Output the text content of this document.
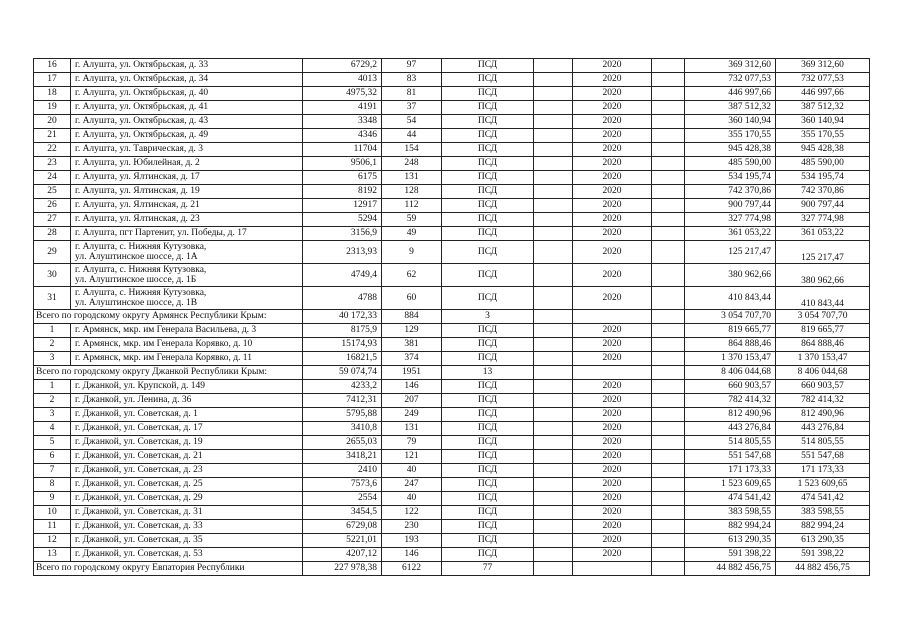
16	г. Алушта, ул. Октябрьская, д. 33	6729,2	97	ПСД		2020		369 312,60	369 312,60
17	г. Алушта, ул. Октябрьская, д. 34	4013	83	ПСД		2020		732 077,53	732 077,53
18	г. Алушта, ул. Октябрьская, д. 40	4975,32	81	ПСД		2020		446 997,66	446 997,66
19	г. Алушта, ул. Октябрьская, д. 41	4191	37	ПСД		2020		387 512,32	387 512,32
20	г. Алушта, ул. Октябрьская, д. 43	3348	54	ПСД		2020		360 140,94	360 140,94
21	г. Алушта, ул. Октябрьская, д. 49	4346	44	ПСД		2020		355 170,55	355 170,55
22	г. Алушта, ул. Таврическая, д. 3	11704	154	ПСД		2020		945 428,38	945 428,38
23	г. Алушта, ул. Юбилейная, д. 2	9506,1	248	ПСД		2020		485 590,00	485 590,00
24	г. Алушта, ул. Ялтинская, д. 17	6175	131	ПСД		2020		534 195,74	534 195,74
25	г. Алушта, ул. Ялтинская, д. 19	8192	128	ПСД		2020		742 370,86	742 370,86
26	г. Алушта, ул. Ялтинская, д. 21	12917	112	ПСД		2020		900 797,44	900 797,44
27	г. Алушта, ул. Ялтинская, д. 23	5294	59	ПСД		2020		327 774,98	327 774,98
28	г. Алушта, пгт Партенит, ул. Победы, д. 17	3156,9	49	ПСД		2020		361 053,22	361 053,22
29	г. Алушта, с. Нижняя Кутузовка,
ул. Алуштинское шоссе, д. 1А	2313,93	9	ПСД		2020		125 217,47	125 217,47
30	г. Алушта, с. Нижняя Кутузовка,
ул. Алуштинское шоссе, д. 1Б	4749,4	62	ПСД		2020		380 962,66	380 962,66
31	г. Алушта, с. Нижняя Кутузовка,
ул. Алуштинское шоссе, д. 1В	4788	60	ПСД		2020		410 843,44	410 843,44
Всего по городскому округу Армянск Республики Крым:		40 172,33	884	3				3 054 707,70	3 054 707,70
1	г. Армянск, мкр. им Генерала Васильева, д. 3	8175,9	129	ПСД		2020		819 665,77	819 665,77
2	г. Армянск, мкр. им Генерала Корявко, д. 10	15174,93	381	ПСД		2020		864 888,46	864 888,46
3	г. Армянск, мкр. им Генерала Корявко, д. 11	16821,5	374	ПСД		2020		1 370 153,47	1 370 153,47
Всего по городскому округу Джанкой Республики Крым:		59 074,74	1951	13				8 406 044,68	8 406 044,68
1	г. Джанкой, ул. Крупской, д. 149	4233,2	146	ПСД		2020		660 903,57	660 903,57
2	г. Джанкой, ул. Ленина, д. 36	7412,31	207	ПСД		2020		782 414,32	782 414,32
3	г. Джанкой, ул. Советская, д. 1	5795,88	249	ПСД		2020		812 490,96	812 490,96
4	г. Джанкой, ул. Советская, д. 17	3410,8	131	ПСД		2020		443 276,84	443 276,84
5	г. Джанкой, ул. Советская, д. 19	2655,03	79	ПСД		2020		514 805,55	514 805,55
6	г. Джанкой, ул. Советская, д. 21	3418,21	121	ПСД		2020		551 547,68	551 547,68
7	г. Джанкой, ул. Советская, д. 23	2410	40	ПСД		2020		171 173,33	171 173,33
8	г. Джанкой, ул. Советская, д. 25	7573,6	247	ПСД		2020		1 523 609,65	1 523 609,65
9	г. Джанкой, ул. Советская, д. 29	2554	40	ПСД		2020		474 541,42	474 541,42
10	г. Джанкой, ул. Советская, д. 31	3454,5	122	ПСД		2020		383 598,55	383 598,55
11	г. Джанкой, ул. Советская, д. 33	6729,08	230	ПСД		2020		882 994,24	882 994,24
12	г. Джанкой, ул. Советская, д. 35	5221,01	193	ПСД		2020		613 290,35	613 290,35
13	г. Джанкой, ул. Советская, д. 53	4207,12	146	ПСД		2020		591 398,22	591 398,22
Всего по городскому округу Евпатория Республики		227 978,38	6122	77				44 882 456,75	44 882 456,75
